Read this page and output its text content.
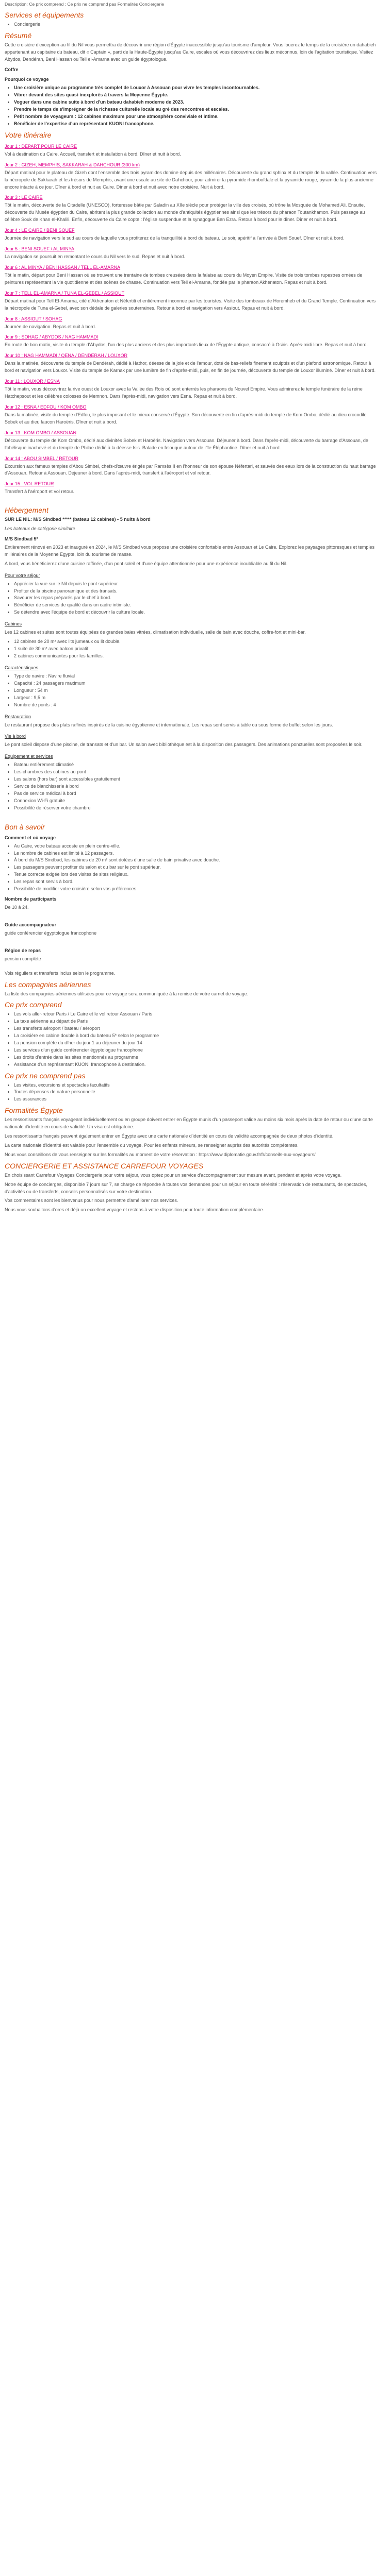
Description: Ce prix comprend : Ce prix ne comprend pas Formalités Conciergerie

Services et équipements
• Conciergerie
Résumé

Cette croisière d'exception au fil du Nil vous permettra de découvrir une région d'Égypte inaccessible jusqu'au tourisme d'ampleur. Vous louerez le temps de la croisière un dahabieh appartenant au capitaine du bateau, dit « Captain », parti de la Haute-Égypte jusqu'au Caire, escales où vous découvrirez des lieux méconnus, loin de l'agitation touristique. Visitez Abydos, Dendérah, Beni Hassan ou Tell el-Amarna avec un guide égyptologue.

Coffre
Pourquoi ce voyage
• Une croisière unique au programme très complet de Louxor à Assouan pour vivre les temples incontournables.
• Vibrer devant des sites quasi-inexplorés à travers la Moyenne Égypte.
• Voguer dans une cabine suite à bord d'un bateau dahabieh moderne de 2023.
• Prendre le temps de s'imprégner de la richesse culturelle locale au gré des rencontres et escales.
• Petit nombre de voyageurs : 12 cabines maximum pour une atmosphère conviviale et intime.
• Bénéficier de l'expertise d'un représentant KUONI francophone.
Votre itinéraire
Jour 1 : DÉPART POUR LE CAIRE

Vol à destination du Caire. Accueil, transfert et installation à bord. Dîner et nuit à bord.

Jour 2 : GIZEH, MEMPHIS, SAKKARAH & DAHCHOUR (300 km)

Départ matinal pour le plateau de Gizeh dont l'ensemble des trois pyramides domine depuis des millénaires. Découverte du grand sphinx et du temple de la vallée. Continuation vers la nécropole de Sakkarah et les trésors de Memphis, avant une escale au site de Dahchour, pour admirer la pyramide rhomboïdale et la pyramide rouge, pyramide la plus ancienne encore intacte à ce jour. Dîner à bord et nuit au Caire. Dîner à bord et nuit avec notre croisière. Nuit à bord.

Jour 3 : LE CAIRE

Tôt le matin, découverte de la Citadelle (UNESCO), forteresse bâtie par Saladin au XIIe siècle pour protéger la ville des croisés, où trône la Mosquée de Mohamed Ali. Ensuite, découverte du Musée égyptien du Caire, abritant la plus grande collection au monde d'antiquités égyptiennes ainsi que les trésors du pharaon Toutankhamon. Puis passage au célèbre Souk de Khan el-Khalili. Enfin, découverte du Caire copte : l'église suspendue et la synagogue Ben Ezra. Retour à bord pour le dîner. Dîner et nuit à bord.

Jour 4 : LE CAIRE / BENI SOUEF

Journée de navigation vers le sud au cours de laquelle vous profiterez de la tranquillité à bord du bateau. Le soir, apéritif à l'arrivée à Beni Souef. Dîner et nuit à bord.

Jour 5 : BENI SOUEF / AL MINYA

La navigation se poursuit en remontant le cours du Nil vers le sud. Repas et nuit à bord.

Jour 6 : AL MINYA / BENI HASSAN / TELL EL-AMARNA

Tôt le matin, départ pour Beni Hassan où se trouvent une trentaine de tombes creusées dans la falaise au cours du Moyen Empire. Visite de trois tombes rupestres ornées de peintures représentant la vie quotidienne et des scènes de chasse. Continuation vers Tell el-Amarna, fondée par le pharaon Akhenaton. Repas et nuit à bord.

Jour 7 : TELL EL-AMARNA / TUNA EL-GEBEL / ASSIOUT

Départ matinal pour Tell El-Amarna, cité d'Akhenaton et Néfertiti et entièrement inconnue par les touristes. Visite des tombeaux de Horemheb et du Grand Temple. Continuation vers la nécropole de Tuna el-Gebel, avec son dédale de galeries souterraines. Retour à bord et navigation vers Assiout. Repas et nuit à bord.

Jour 8 : ASSIOUT / SOHAG

Journée de navigation. Repas et nuit à bord.

Jour 9 : SOHAG / ABYDOS / NAG HAMMADI

En route de bon matin, visite du temple d'Abydos, l'un des plus anciens et des plus importants lieux de l'Égypte antique, consacré à Osiris. Après-midi libre. Repas et nuit à bord.

Jour 10 : NAG HAMMADI / QENA / DENDERAH / LOUXOR

Dans la matinée, découverte du temple de Dendérah, dédié à Hathor, déesse de la joie et de l'amour, doté de bas-reliefs finement sculptés et d'un plafond astronomique. Retour à bord et navigation vers Louxor. Visite du temple de Karnak par une lumière de fin d'après-midi, puis, en fin de journée, découverte du temple de Louxor illuminé. Dîner et nuit à bord.

Jour 11 : LOUXOR / ESNA

Tôt le matin, vous découvrirez la rive ouest de Louxor avec la Vallée des Rois où sont enterrés les pharaons du Nouvel Empire. Vous admirerez le temple funéraire de la reine Hatchepsout et les célèbres colosses de Memnon. Dans l'après-midi, navigation vers Esna. Repas et nuit à bord.

Jour 12 : ESNA / EDFOU / KOM OMBO

Dans la matinée, visite du temple d'Edfou, le plus imposant et le mieux conservé d'Égypte. Son découverte en fin d'après-midi du temple de Kom Ombo, dédié au dieu crocodile Sobek et au dieu faucon Haroëris. Dîner et nuit à bord.

Jour 13 : KOM OMBO / ASSOUAN

Découverte du temple de Kom Ombo, dédié aux divinités Sobek et Haroëris. Navigation vers Assouan. Déjeuner à bord. Dans l'après-midi, découverte du barrage d'Assouan, de l'obélisque inachevé et du temple de Philae dédié à la déesse Isis. Balade en felouque autour de l'île Éléphantine. Dîner et nuit à bord.

Jour 14 : ABOU SIMBEL / RETOUR

Excursion aux fameux temples d'Abou Simbel, chefs-d'œuvre érigés par Ramsès II en l'honneur de son épouse Néfertari, et sauvés des eaux lors de la construction du haut barrage d'Assouan. Retour à Assouan. Déjeuner à bord. Dans l'après-midi, transfert à l'aéroport et vol retour.

Jour 15 : VOL RETOUR

Transfert à l'aéroport et vol retour.

Hébergement

SUR LE NIL: M/S Sindbad ***** (bateau 12 cabines) • 5 nuits à bord

Les bateaux de catégorie similaire

M/S Sindbad 5*

Entièrement rénové en 2023 et inauguré en 2024, le M/S Sindbad vous propose une croisière confortable entre Assouan et Le Caire. Explorez les paysages pittoresques et temples millénaires de la Moyenne Égypte, loin du tourisme de masse.

A bord, vous bénéficierez d'une cuisine raffinée, d'un pont soleil et d'une équipe attentionnée pour une expérience inoubliable au fil du Nil.

Pour votre séjour
• Apprécier la vue sur le Nil depuis le pont supérieur.
• Profiter de la piscine panoramique et des transats.
• Savourer les repas préparés par le chef à bord.
• Bénéficier de services de qualité dans un cadre intimiste.
• Se détendre avec l'équipe de bord et découvrir la culture locale.
Cabines

Les 12 cabines et suites sont toutes équipées de grandes baies vitrées, climatisation individuelle, salle de bain avec douche, coffre-fort et mini-bar.

• 12 cabines de 20 m² avec lits jumeaux ou lit double.
• 1 suite de 30 m² avec balcon privatif.
• 2 cabines communicantes pour les familles.
Caractéristiques
• Type de navire : Navire fluvial
• Capacité : 24 passagers maximum
• Longueur : 54 m
• Largeur : 9,5 m
• Nombre de ponts : 4
Restauration

Le restaurant propose des plats raffinés inspirés de la cuisine égyptienne et internationale. Les repas sont servis à table ou sous forme de buffet selon les jours.

Vie à bord

Le pont soleil dispose d'une piscine, de transats et d'un bar. Un salon avec bibliothèque est à la disposition des passagers. Des animations ponctuelles sont proposées le soir.

Équipement et services
• Bateau entièrement climatisé
• Les chambres des cabines au pont
• Les salons (hors bar) sont accessibles gratuitement
• Service de blanchisserie à bord
• Pas de service médical à bord
• Connexion Wi-Fi gratuite
• Possibilité de réserver votre chambre
Bon à savoir
Comment et où voyage
• Au Caire, votre bateau accoste en plein centre-ville.
• Le nombre de cabines est limité à 12 passagers.
• À bord du M/S Sindbad, les cabines de 20 m² sont dotées d'une salle de bain privative avec douche.
• Les passagers peuvent profiter du salon et du bar sur le pont supérieur.
• Tenue correcte exigée lors des visites de sites religieux.
• Les repas sont servis à bord.
• Possibilité de modifier votre croisière selon vos préférences.
Nombre de participants

De 10 à 24.

Guide accompagnateur

guide conférencier égyptologue francophone

Région de repas

pension complète

Vols réguliers et transferts inclus selon le programme.

Les compagnies aériennes

La liste des compagnies aériennes utilisées pour ce voyage sera communiquée à la remise de votre carnet de voyage.

Ce prix comprend
• Les vols aller-retour Paris / Le Caire et le vol retour Assouan / Paris
• La taxe aérienne au départ de Paris
• Les transferts aéroport / bateau / aéroport
• La croisière en cabine double à bord du bateau 5* selon le programme
• La pension complète du dîner du jour 1 au déjeuner du jour 14
• Les services d'un guide conférencier égyptologue francophone
• Les droits d'entrée dans les sites mentionnés au programme
• Assistance d'un représentant KUONI francophone à destination.
Ce prix ne comprend pas
• Les visites, excursions et spectacles facultatifs
• Toutes dépenses de nature personnelle
• Les assurances
Formalités Égypte

Les ressortissants français voyageant individuellement ou en groupe doivent entrer en Égypte munis d'un passeport valide au moins six mois après la date de retour ou d'une carte nationale d'identité en cours de validité. Un visa est obligatoire.

Les ressortissants français peuvent également entrer en Égypte avec une carte nationale d'identité en cours de validité accompagnée de deux photos d'identité.

La carte nationale d'identité est valable pour l'ensemble du voyage. Pour les enfants mineurs, se renseigner auprès des autorités compétentes.

Nous vous conseillons de vous renseigner sur les formalités au moment de votre réservation : https://www.diplomatie.gouv.fr/fr/conseils-aux-voyageurs/

CONCIERGERIE ET ASSISTANCE CARREFOUR VOYAGES

En choisissant Carrefour Voyages Conciergerie pour votre séjour, vous optez pour un service d'accompagnement sur mesure avant, pendant et après votre voyage.

Notre équipe de concierges, disponible 7 jours sur 7, se charge de répondre à toutes vos demandes pour un séjour en toute sérénité : réservation de restaurants, de spectacles, d'activités ou de transferts, conseils personnalisés sur votre destination.

Vos commentaires sont les bienvenus pour nous permettre d'améliorer nos services.

Nous vous souhaitons d'ores et déjà un excellent voyage et restons à votre disposition pour toute information complémentaire.
